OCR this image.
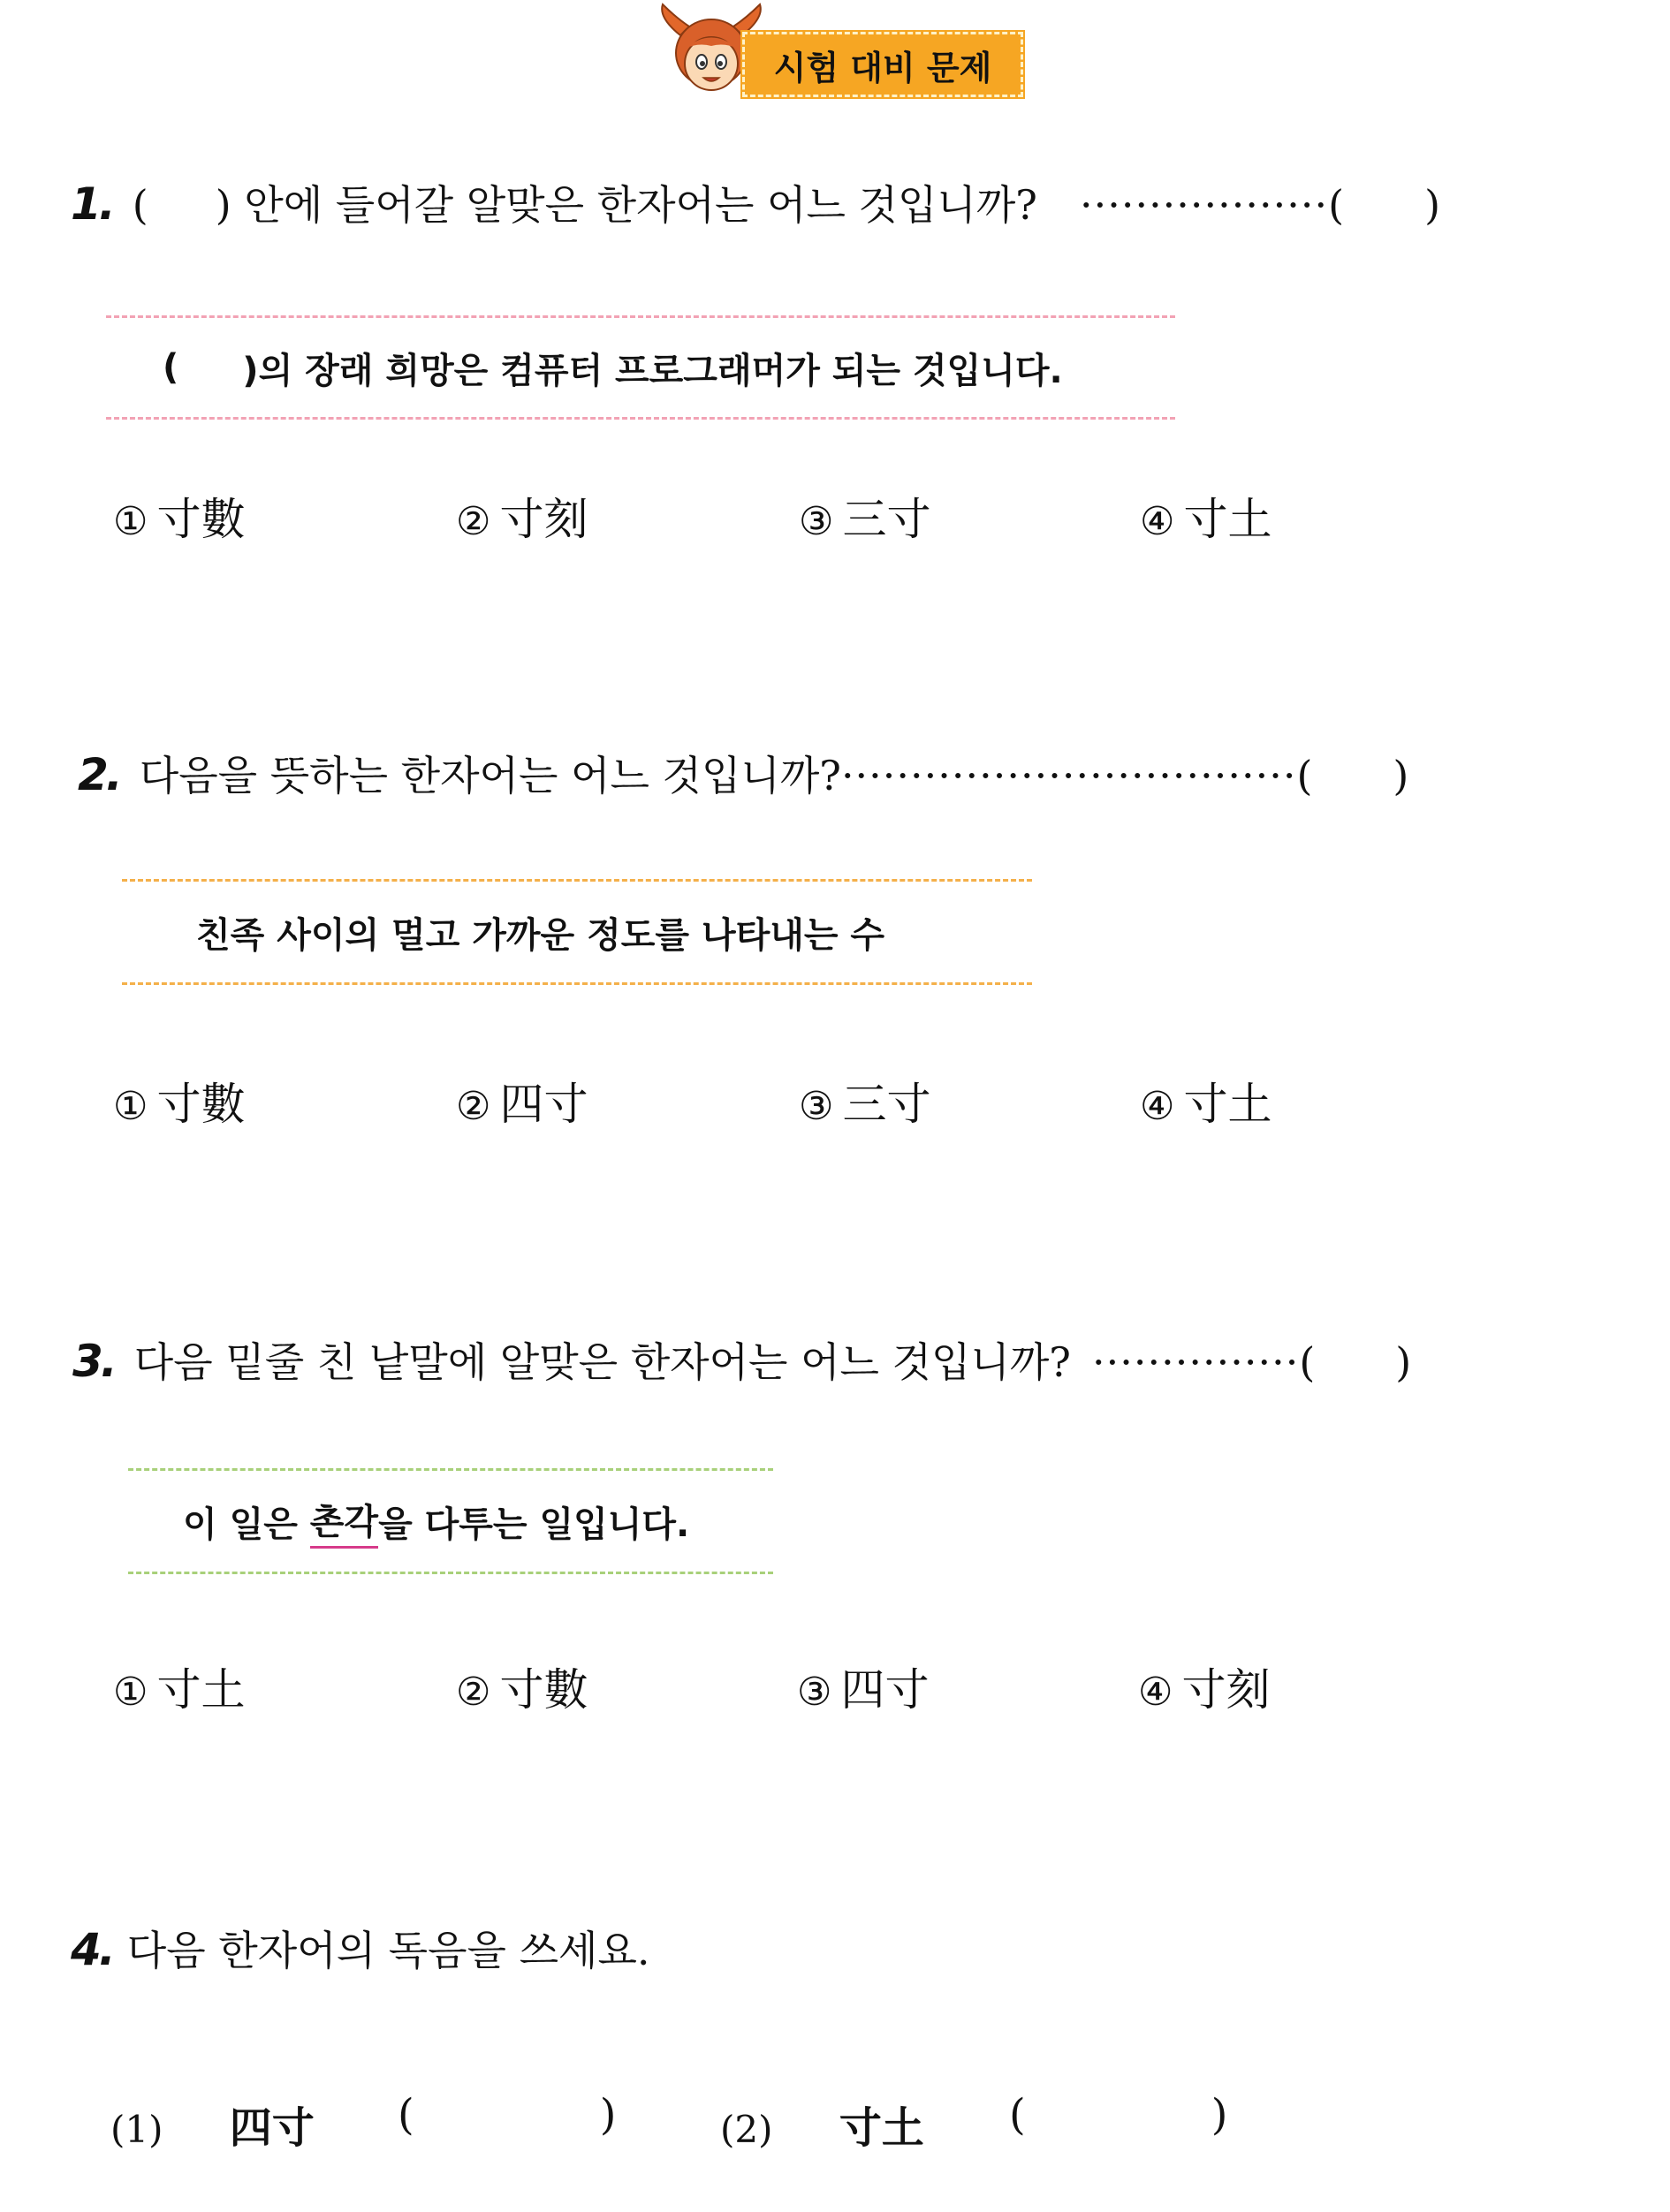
시험 대비 문제
1. ( ) 안에 들어갈 알맞은 한자어는 어느 것입니까? ··················( )
( )의 장래 희망은 컴퓨터 프로그래머가 되는 것입니다.
① 寸數	② 寸刻	③ 三寸	④ 寸土
2. 다음을 뜻하는 한자어는 어느 것입니까? ·································( )
친족 사이의 멀고 가까운 정도를 나타내는 수
① 寸數	② 四寸	③ 三寸	④ 寸土
3. 다음 밑줄 친 낱말에 알맞은 한자어는 어느 것입니까? ···············( )
이 일은 촌각 을 다투는 일입니다.
① 寸土	② 寸數	③ 四寸	④ 寸刻
4. 다음 한자어의 독음을 쓰세요.
(1) 四寸 (	)	(2) 寸土 (	)
